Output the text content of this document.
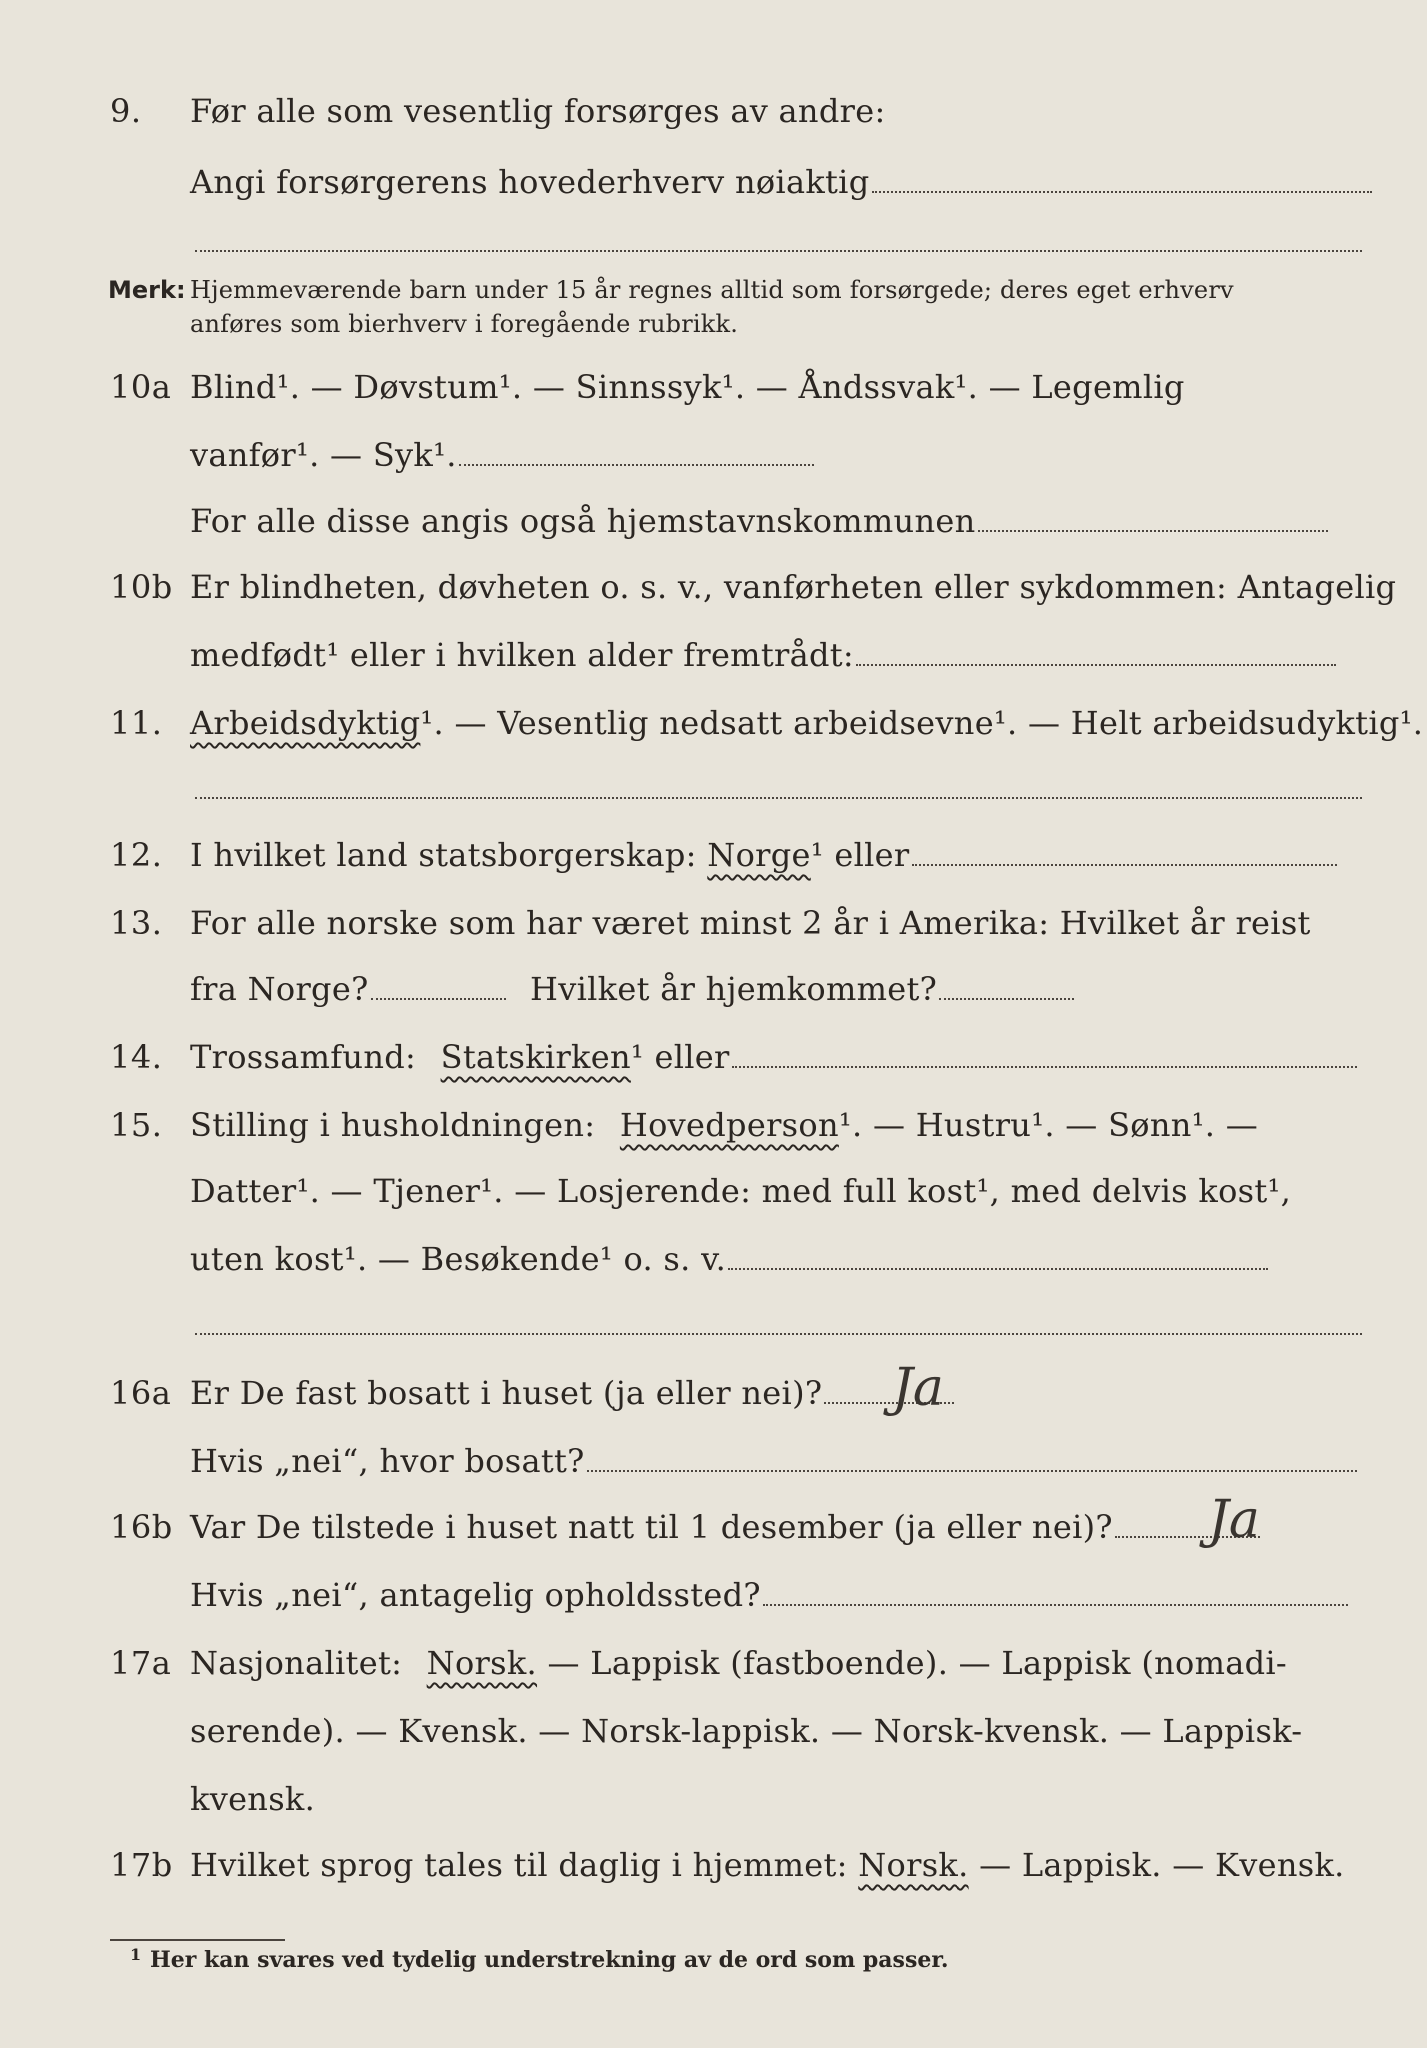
9. Før alle som vesentlig forsørges av andre:
Angi forsørgerens hovederhverv nøiaktig
Merk: Hjemmeværende barn under 15 år regnes alltid som forsørgede; deres eget erhverv
anføres som bierhverv i foregående rubrikk.
10a Blind¹. — Døvstum¹. — Sinnssyk¹. — Åndssvak¹. — Legemlig
vanfør¹. — Syk¹.
For alle disse angis også hjemstavnskommunen
10b Er blindheten, døvheten o. s. v., vanførheten eller sykdommen: Antagelig
medfødt¹ eller i hvilken alder fremtrådt:
11. Arbeidsdyktig¹. — Vesentlig nedsatt arbeidsevne¹. — Helt arbeidsudyktig¹.
12. I hvilket land statsborgerskap: Norge¹ eller
13. For alle norske som har været minst 2 år i Amerika: Hvilket år reist
fra Norge?	Hvilket år hjemkommet?
14. Trossamfund: Statskirken¹ eller
15. Stilling i husholdningen: Hovedperson¹. — Hustru¹. — Sønn¹. —
Datter¹. — Tjener¹. — Losjerende: med full kost¹, med delvis kost¹,
uten kost¹. — Besøkende¹ o. s. v.
16a Er De fast bosatt i huset (ja eller nei)?	Ja
Hvis „nei“, hvor bosatt?
16b Var De tilstede i huset natt til 1 desember (ja eller nei)?	Ja
Hvis „nei“, antagelig opholdssted?
17a Nasjonalitet: Norsk. — Lappisk (fastboende). — Lappisk (nomadi-
serende). — Kvensk. — Norsk-lappisk. — Norsk-kvensk. — Lappisk-
kvensk.
17b Hvilket sprog tales til daglig i hjemmet: Norsk. — Lappisk. — Kvensk.
1 Her kan svares ved tydelig understrekning av de ord som passer.
